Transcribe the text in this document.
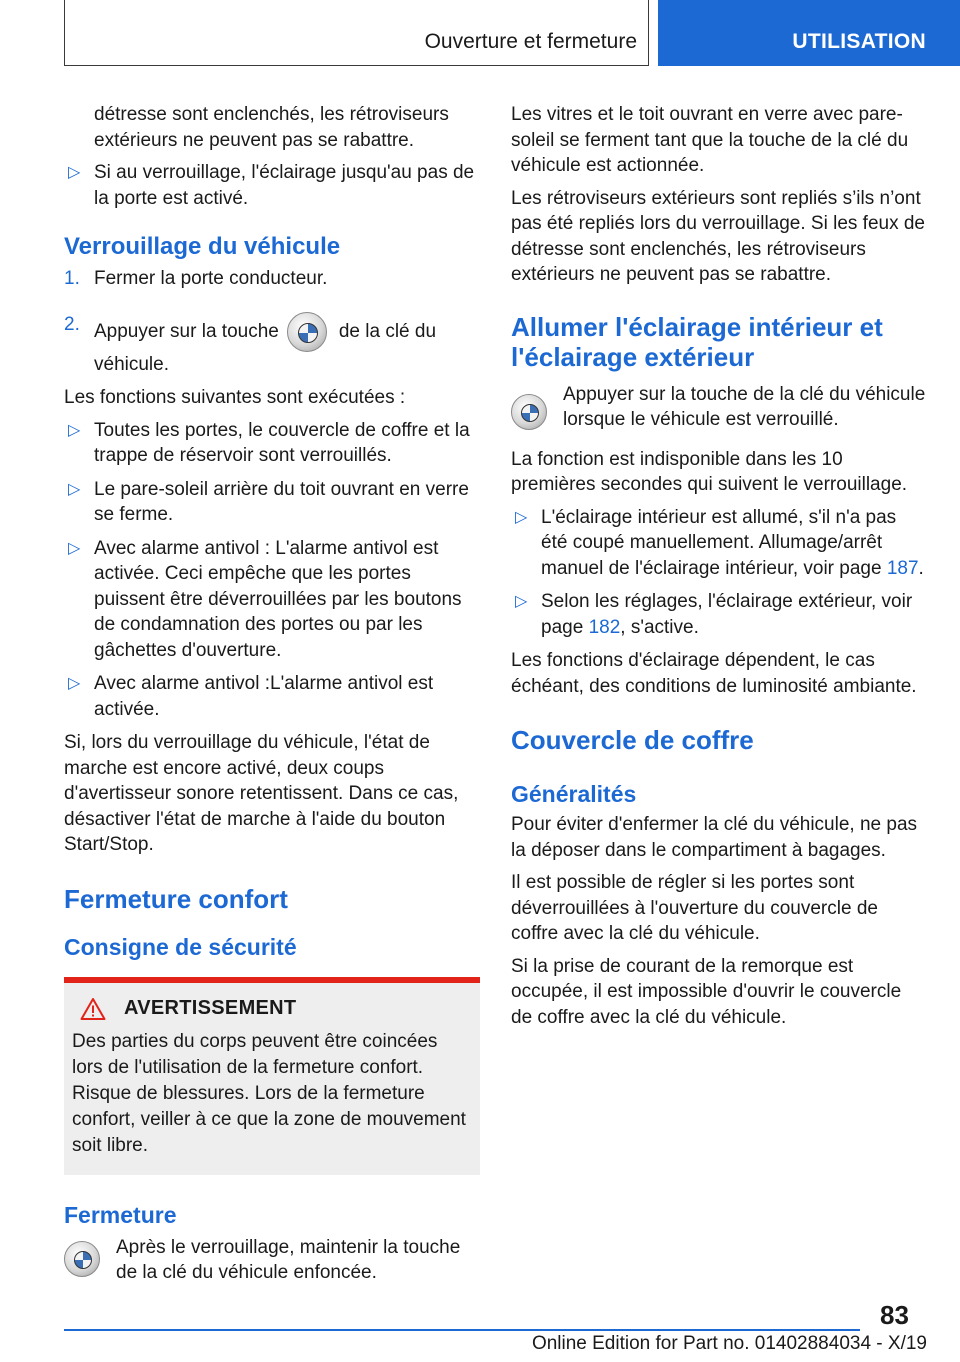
Ouverture et fermeture	UTILISATION

détresse sont enclenchés, les rétroviseurs extérieurs ne peuvent pas se rabattre.

▷ Si au verrouillage, l'éclairage jusqu'au pas de la porte est activé.
Verrouillage du véhicule
1. Fermer la porte conducteur.
2. Appuyer sur la touche	de la clé du véhicule.

Les fonctions suivantes sont exécutées :

▷ Toutes les portes, le couvercle de coffre et la trappe de réservoir sont verrouillés.
▷ Le pare-soleil arrière du toit ouvrant en verre se ferme.
▷ Avec alarme antivol : L'alarme antivol est activée. Ceci empêche que les portes puissent être déverrouillées par les boutons de condamnation des portes ou par les gâchettes d'ouverture.
▷ Avec alarme antivol :L'alarme antivol est activée.

Si, lors du verrouillage du véhicule, l'état de marche est encore activé, deux coups d'avertisseur sonore retentissent. Dans ce cas, désactiver l'état de marche à l'aide du bouton Start/Stop.

Fermeture confort
Consigne de sécurité
AVERTISSEMENT
Des parties du corps peuvent être coincées lors de l'utilisation de la fermeture confort. Risque de blessures. Lors de la fermeture confort, veiller à ce que la zone de mouvement soit libre.
Fermeture
Après le verrouillage, maintenir la touche de la clé du véhicule enfoncée.

Les vitres et le toit ouvrant en verre avec pare-soleil se ferment tant que la touche de la clé du véhicule est actionnée.

Les rétroviseurs extérieurs sont repliés s’ils n’ont pas été repliés lors du verrouillage. Si les feux de détresse sont enclenchés, les rétroviseurs extérieurs ne peuvent pas se rabattre.

Allumer l'éclairage intérieur et l'éclairage extérieur
Appuyer sur la touche de la clé du véhicule lorsque le véhicule est verrouillé.

La fonction est indisponible dans les 10 premières secondes qui suivent le verrouillage.

▷ L'éclairage intérieur est allumé, s'il n'a pas été coupé manuellement. Allumage/arrêt manuel de l'éclairage intérieur, voir page 187.
▷ Selon les réglages, l'éclairage extérieur, voir page 182, s'active.

Les fonctions d'éclairage dépendent, le cas échéant, des conditions de luminosité ambiante.

Couvercle de coffre
Généralités

Pour éviter d'enfermer la clé du véhicule, ne pas la déposer dans le compartiment à bagages.

Il est possible de régler si les portes sont déverrouillées à l'ouverture du couvercle de coffre avec la clé du véhicule.

Si la prise de courant de la remorque est occupée, il est impossible d'ouvrir le couvercle de coffre avec la clé du véhicule.

83
Online Edition for Part no. 01402884034 - X/19
